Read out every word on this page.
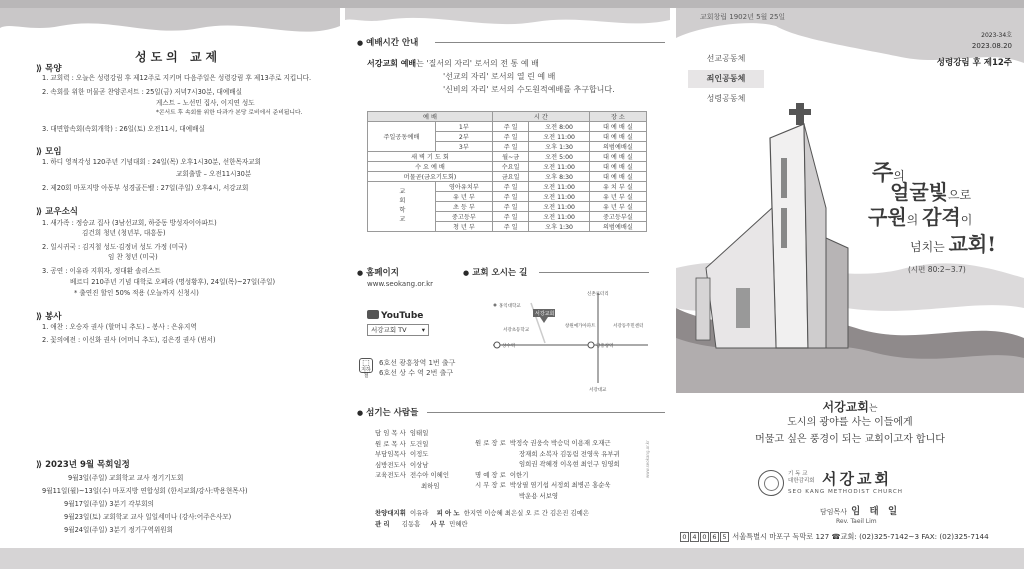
성도의 교제
⟫ 목양
1. 교회력 : 오늘은 성령강림 후 제12주로 지키며 다음주일은 성령강림 후 제13주로 지킵니다.
2. 속회를 위한 머물곧 찬양콘서트 : 25일(금) 저녁7시30분, 대예배실
게스트 – 노선민 집사, 이지연 성도
*콘서트 후 속회를 위한 다과가 본당 로비에서 준비됩니다.
3. 대면합속회(속회개학) : 26일(토) 오전11시, 대예배실
⟫ 모임
1. 하디 영적각성 120주년 기념대회 : 24일(목) 오후1시30분, 선한목자교회
교회출발 – 오전11시30분
2. 제20회 마포지방 아동부 성경골든벨 : 27일(주일) 오후4시, 서강교회
⟫ 교우소식
1. 새가족 : 정승교 집사 (3남선교회, 하중동 방성자이아파트)
김건희 청년 (청년부, 대흥동)
2. 일시귀국 : 김지철 성도·김정녀 성도 가정 (미국)
임 찬 청년 (미국)
3. 공연 : 이유라 지휘자, 정대환 솔리스트
베르디 210주년 기념 대학로 오페라 (명성황후), 24일(목)~27일(주일)
* 출연진 할인 50% 적용 (오늘까지 신청시)
⟫ 봉사
1. 애찬 : 오승자 권사 (할머니 추도) – 봉사 : 은유지역
2. 꽃의예전 : 이신화 권사 (어머니 추도), 김은경 권사 (범서)
⟫ 2023년 9월 목회일정
9월3일(주일) 교회학교 교사 정기기도회
9월11일(월)~13일(수) 마포지방 연합성회 (한서교회/강사:박용현목사)
9월17일(주일) 3분기 각부회의
9월23일(토) 교회학교 교사 일일세미나 (강사:어주은사모)
9월24일(주일) 3분기 정기구역위원회
● 예배시간 안내
서강교회 예배는 '질서의 자리' 로서의 전 통 예 배
'선교의 자리' 로서의 열 린 예 배
'신비의 자리' 로서의 수도원적예배를 추구합니다.
예 배		시 간		장 소
주일공동예배	1부	주 일	오전 8:00	대 예 배 실
	2부	주 일	오전 11:00	대 예 배 실
	3부	주 일	오후 1:30	의범예배실
새 벽 기 도 회		월~금	오전 5:00	대 예 배 실
수 요 예 배		수요일	오전 11:00	대 예 배 실
머물곧(금요기도회)		금요일	오후 8:30	대 예 배 실
교회학교	영아유치부	주 일	오전 11:00	유 치 부 실
	유 년 부	주 일	오전 11:00	유 년 부 실
	초 등 부	주 일	오전 11:00	유 년 부 실
	중고등부	주 일	오전 11:00	중고등부실
	청 년 부	주 일	오후 1:30	의범예배실
● 홈페이지
www.seokang.or.kr
● 교회 오시는 길
YouTube
서강교회 TV ▾
⬚
지하철
6호선 광흥창역 1번 출구
6호선 상 수 역 2번 출구
서강교회
홍익대학교
서강초등학교
창원예가아파트	서강동주민센터
신촌로터리
서강대교
상수역	광흥창역
● 섬기는 사람들
담 임 목 사 임태일
원 로 목 사 도건일
부담임목사 이정도
심방전도사 이상남
교육전도사 전수아 이혜인
최하임
원 로 장 로 박정숙 권웅숙 박승덕 이용재 오재근
장재희 소복자 김동림 전영욱 유부귀
임희권 곽혜경 이옥현 최인구 임영희
명 예 장 로 이한기
시 무 장 로 박상필 염기섭 서정희 최병곤 홍순욱
박운용 서보영
찬양대지휘 이유라 피 아 노 한지연 이승혜 최은실 오 르 간 김은진 김예은
관 리 김동흠 사 무 민혜란
www.seokang.or.kr
교회창립 1902년 5월 25일
2023-34호
2023.08.20
성령강림 후 제12주
선교공동체
죄인공동체
성령공동체
주의
얼굴빛으로
구원의 감격이
넘치는 교회!
(시편 80:2~3.7)
서강교회는
도시의 광야를 사는 이들에게
머물고 싶은 풍경이 되는 교회이고자 합니다
기 독 교
대한감리회 서강교회
SEO KANG METHODIST CHURCH
담임목사 임 태 일
Rev. Taeil Lim
0 4 0 6 5 서울특별시 마포구 독막로 127 ☎교회: (02)325-7142~3 FAX: (02)325-7144
